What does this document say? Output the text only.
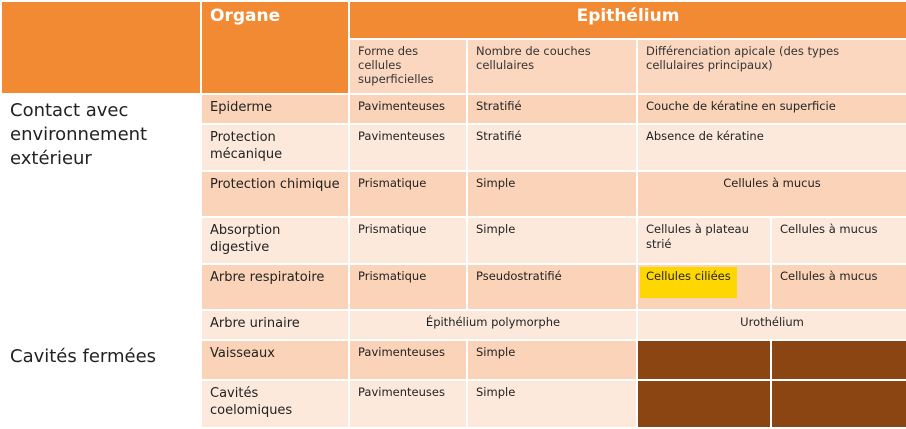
	Organe	Epithélium			
		Forme des cellules superficielles	Nombre de couches cellulaires	Différenciation apicale (des types cellulaires principaux)	
Contact avec environnement extérieur	Epiderme	Pavimenteuses	Stratifié	Couche de kératine en superficie	
	Protection mécanique	Pavimenteuses	Stratifié	Absence de kératine	
	Protection chimique	Prismatique	Simple	Cellules à mucus	
	Absorption digestive	Prismatique	Simple	Cellules à plateau strié	Cellules à mucus
	Arbre respiratoire	Prismatique	Pseudostratifié	Cellules ciliées	Cellules à mucus
	Arbre urinaire	Épithélium polymorphe		Urothélium	
Cavités fermées	Vaisseaux	Pavimenteuses	Simple		
	Cavités coelomiques	Pavimenteuses	Simple		
